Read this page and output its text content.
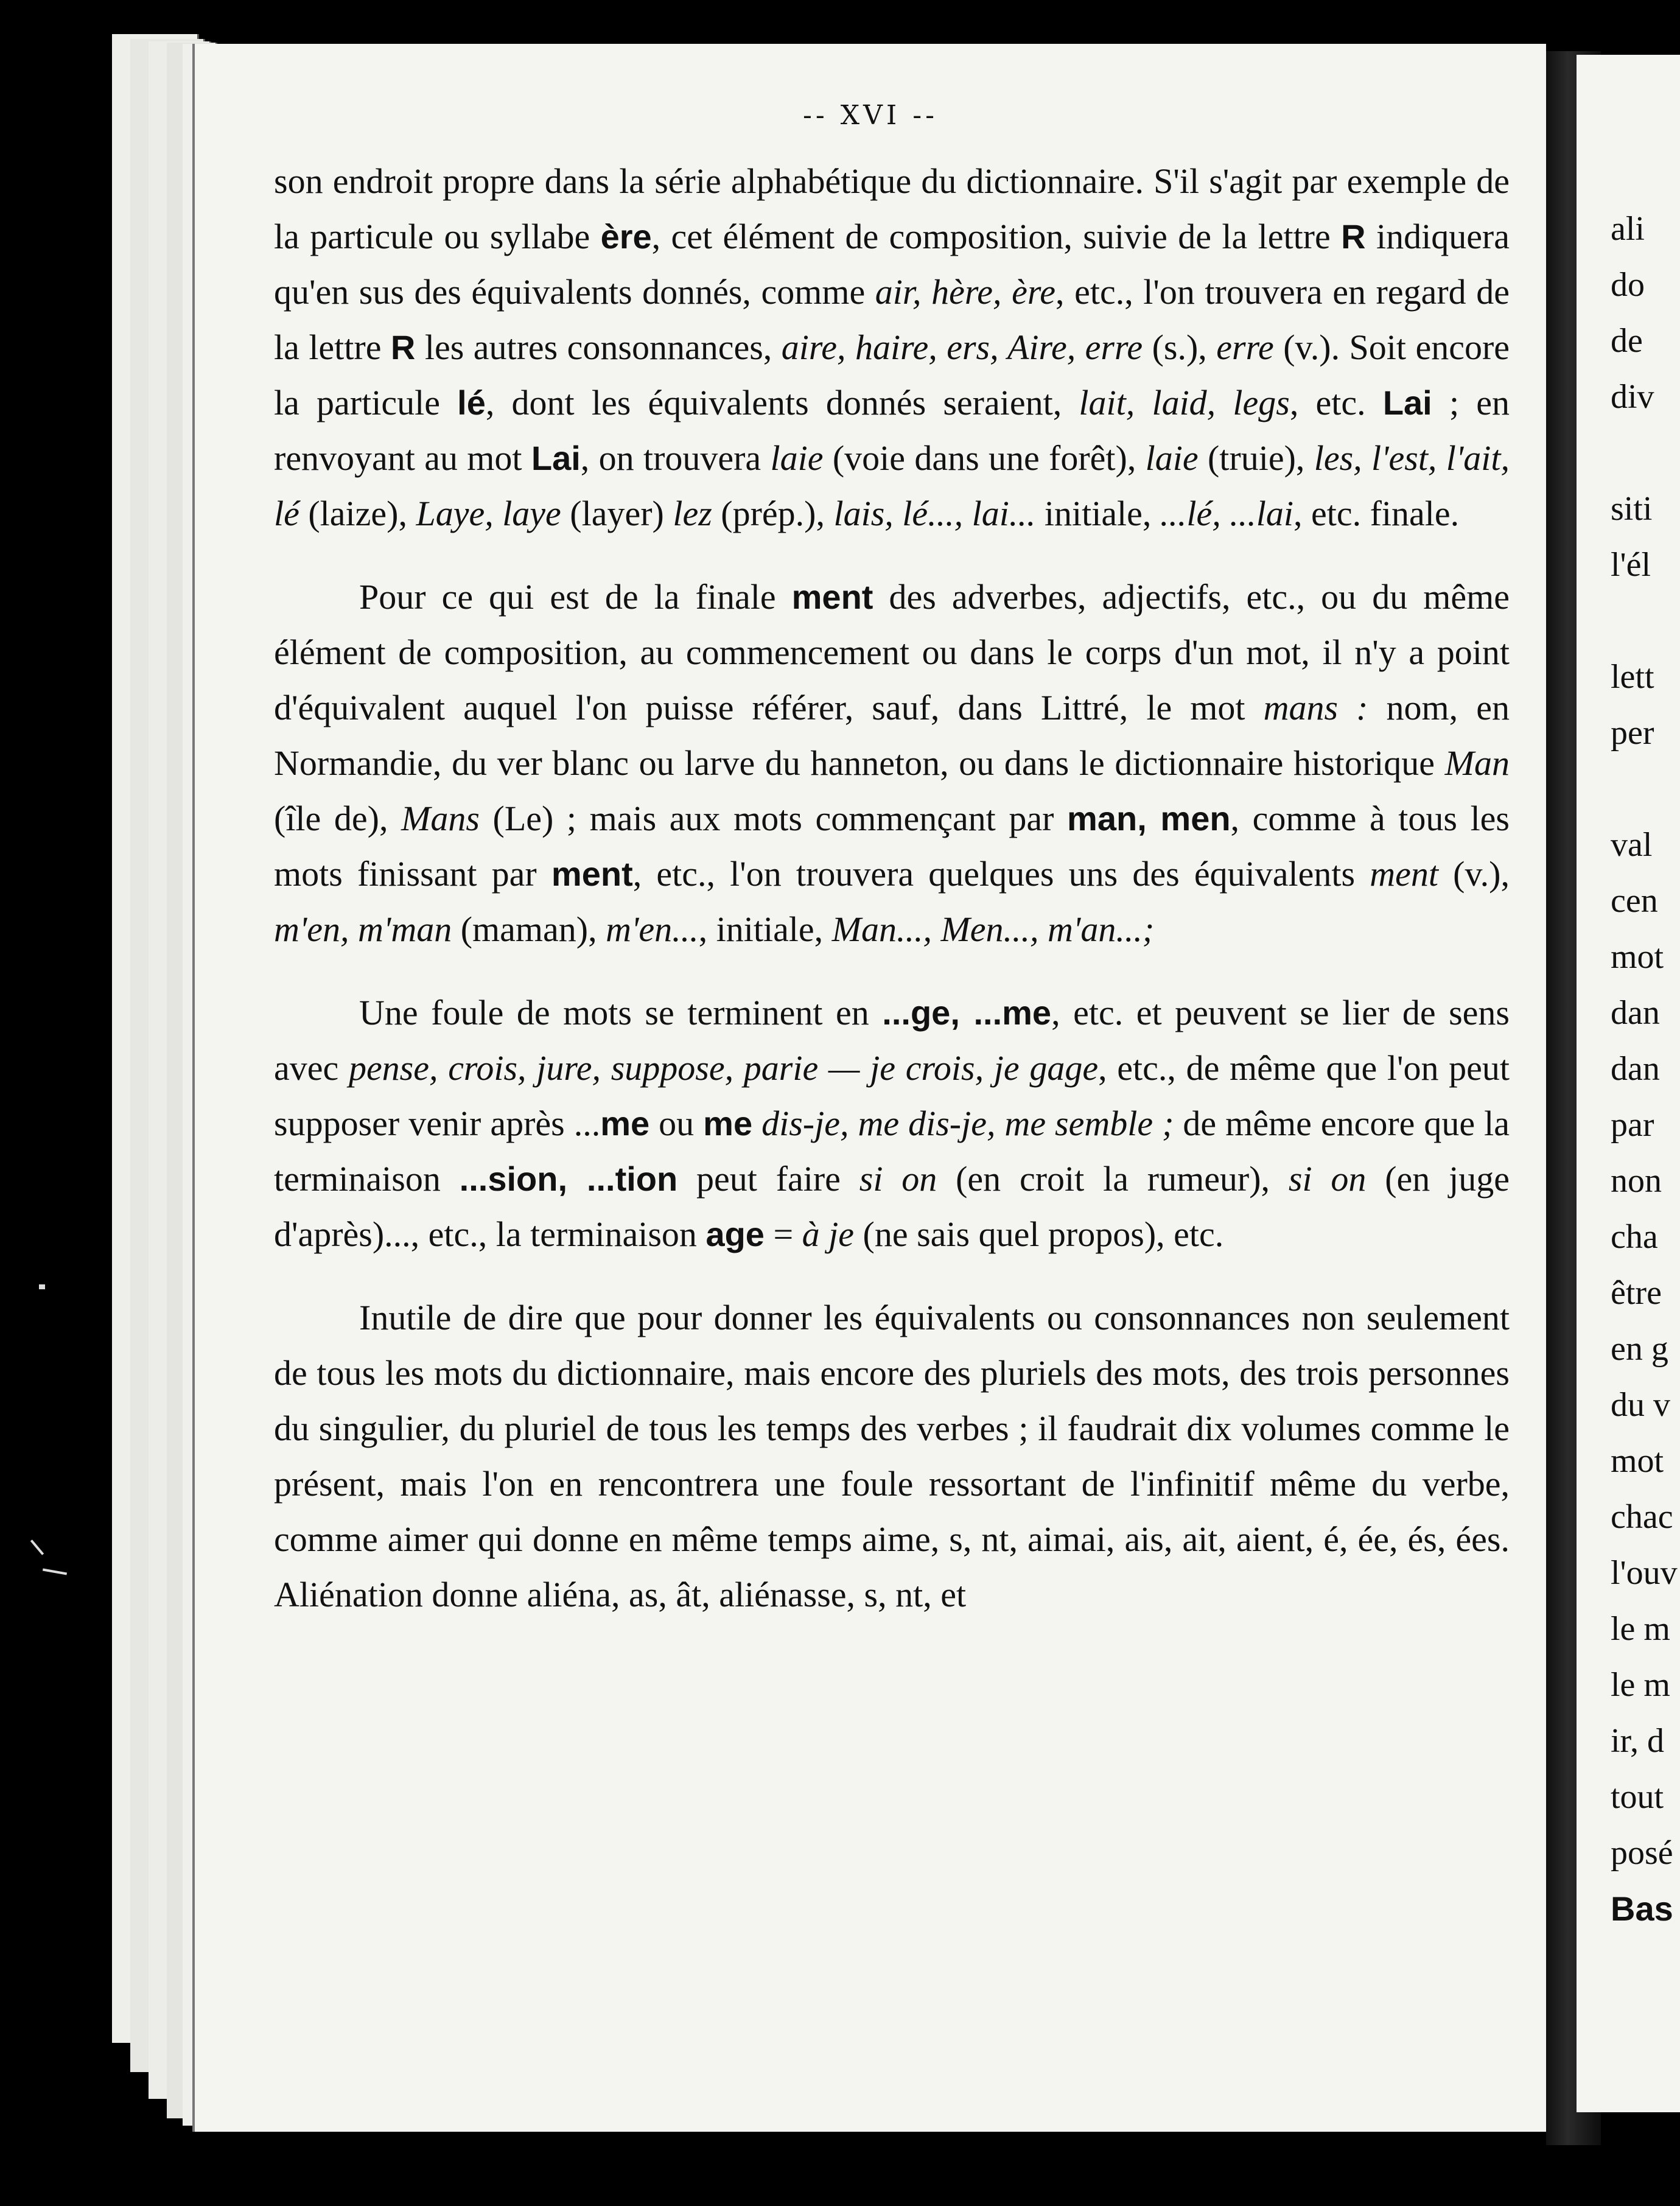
-- XVI --

son endroit propre dans la série alphabétique du dictionnaire. S'il s'agit par exemple de la particule ou syllabe ère, cet élément de composition, suivie de la lettre R indiquera qu'en sus des équivalents donnés, comme air, hère, ère, etc., l'on trouvera en regard de la lettre R les autres consonnances, aire, haire, ers, Aire, erre (s.), erre (v.). Soit encore la particule lé, dont les équivalents donnés seraient, lait, laid, legs, etc. Lai ; en renvoyant au mot Lai, on trouvera laie (voie dans une forêt), laie (truie), les, l'est, l'ait, lé (laize), Laye, laye (layer) lez (prép.), lais, lé..., lai... initiale, ...lé, ...lai, etc. finale.

Pour ce qui est de la finale ment des adverbes, adjectifs, etc., ou du même élément de composition, au commencement ou dans le corps d'un mot, il n'y a point d'équivalent auquel l'on puisse référer, sauf, dans Littré, le mot mans : nom, en Normandie, du ver blanc ou larve du hanneton, ou dans le dictionnaire historique Man (île de), Mans (Le) ; mais aux mots commençant par man, men, comme à tous les mots finissant par ment, etc., l'on trouvera quelques uns des équivalents ment (v.), m'en, m'man (maman), m'en..., initiale, Man..., Men..., m'an...;

Une foule de mots se terminent en ...ge, ...me, etc. et peuvent se lier de sens avec pense, crois, jure, suppose, parie — je crois, je gage, etc., de même que l'on peut supposer venir après ...me ou me dis-je, me dis-je, me semble ; de même encore que la terminaison ...sion, ...tion peut faire si on (en croit la rumeur), si on (en juge d'après)..., etc., la terminaison age = à je (ne sais quel propos), etc.

Inutile de dire que pour donner les équivalents ou consonnances non seulement de tous les mots du dictionnaire, mais encore des pluriels des mots, des trois personnes du singulier, du pluriel de tous les temps des verbes ; il faudrait dix volumes comme le présent, mais l'on en rencontrera une foule ressortant de l'infinitif même du verbe, comme aimer qui donne en même temps aime, s, nt, aimai, ais, ait, aient, é, ée, és, ées. Aliénation donne aliéna, as, ât, aliénasse, s, nt, et

ali
do
de
div
siti
l'él
lett
per
val
cen
mot
dan
dan
par
non
cha
être
en g
du v
mot
chac
l'ouv
le m
le m
ir, d
tout
posé
Bas
